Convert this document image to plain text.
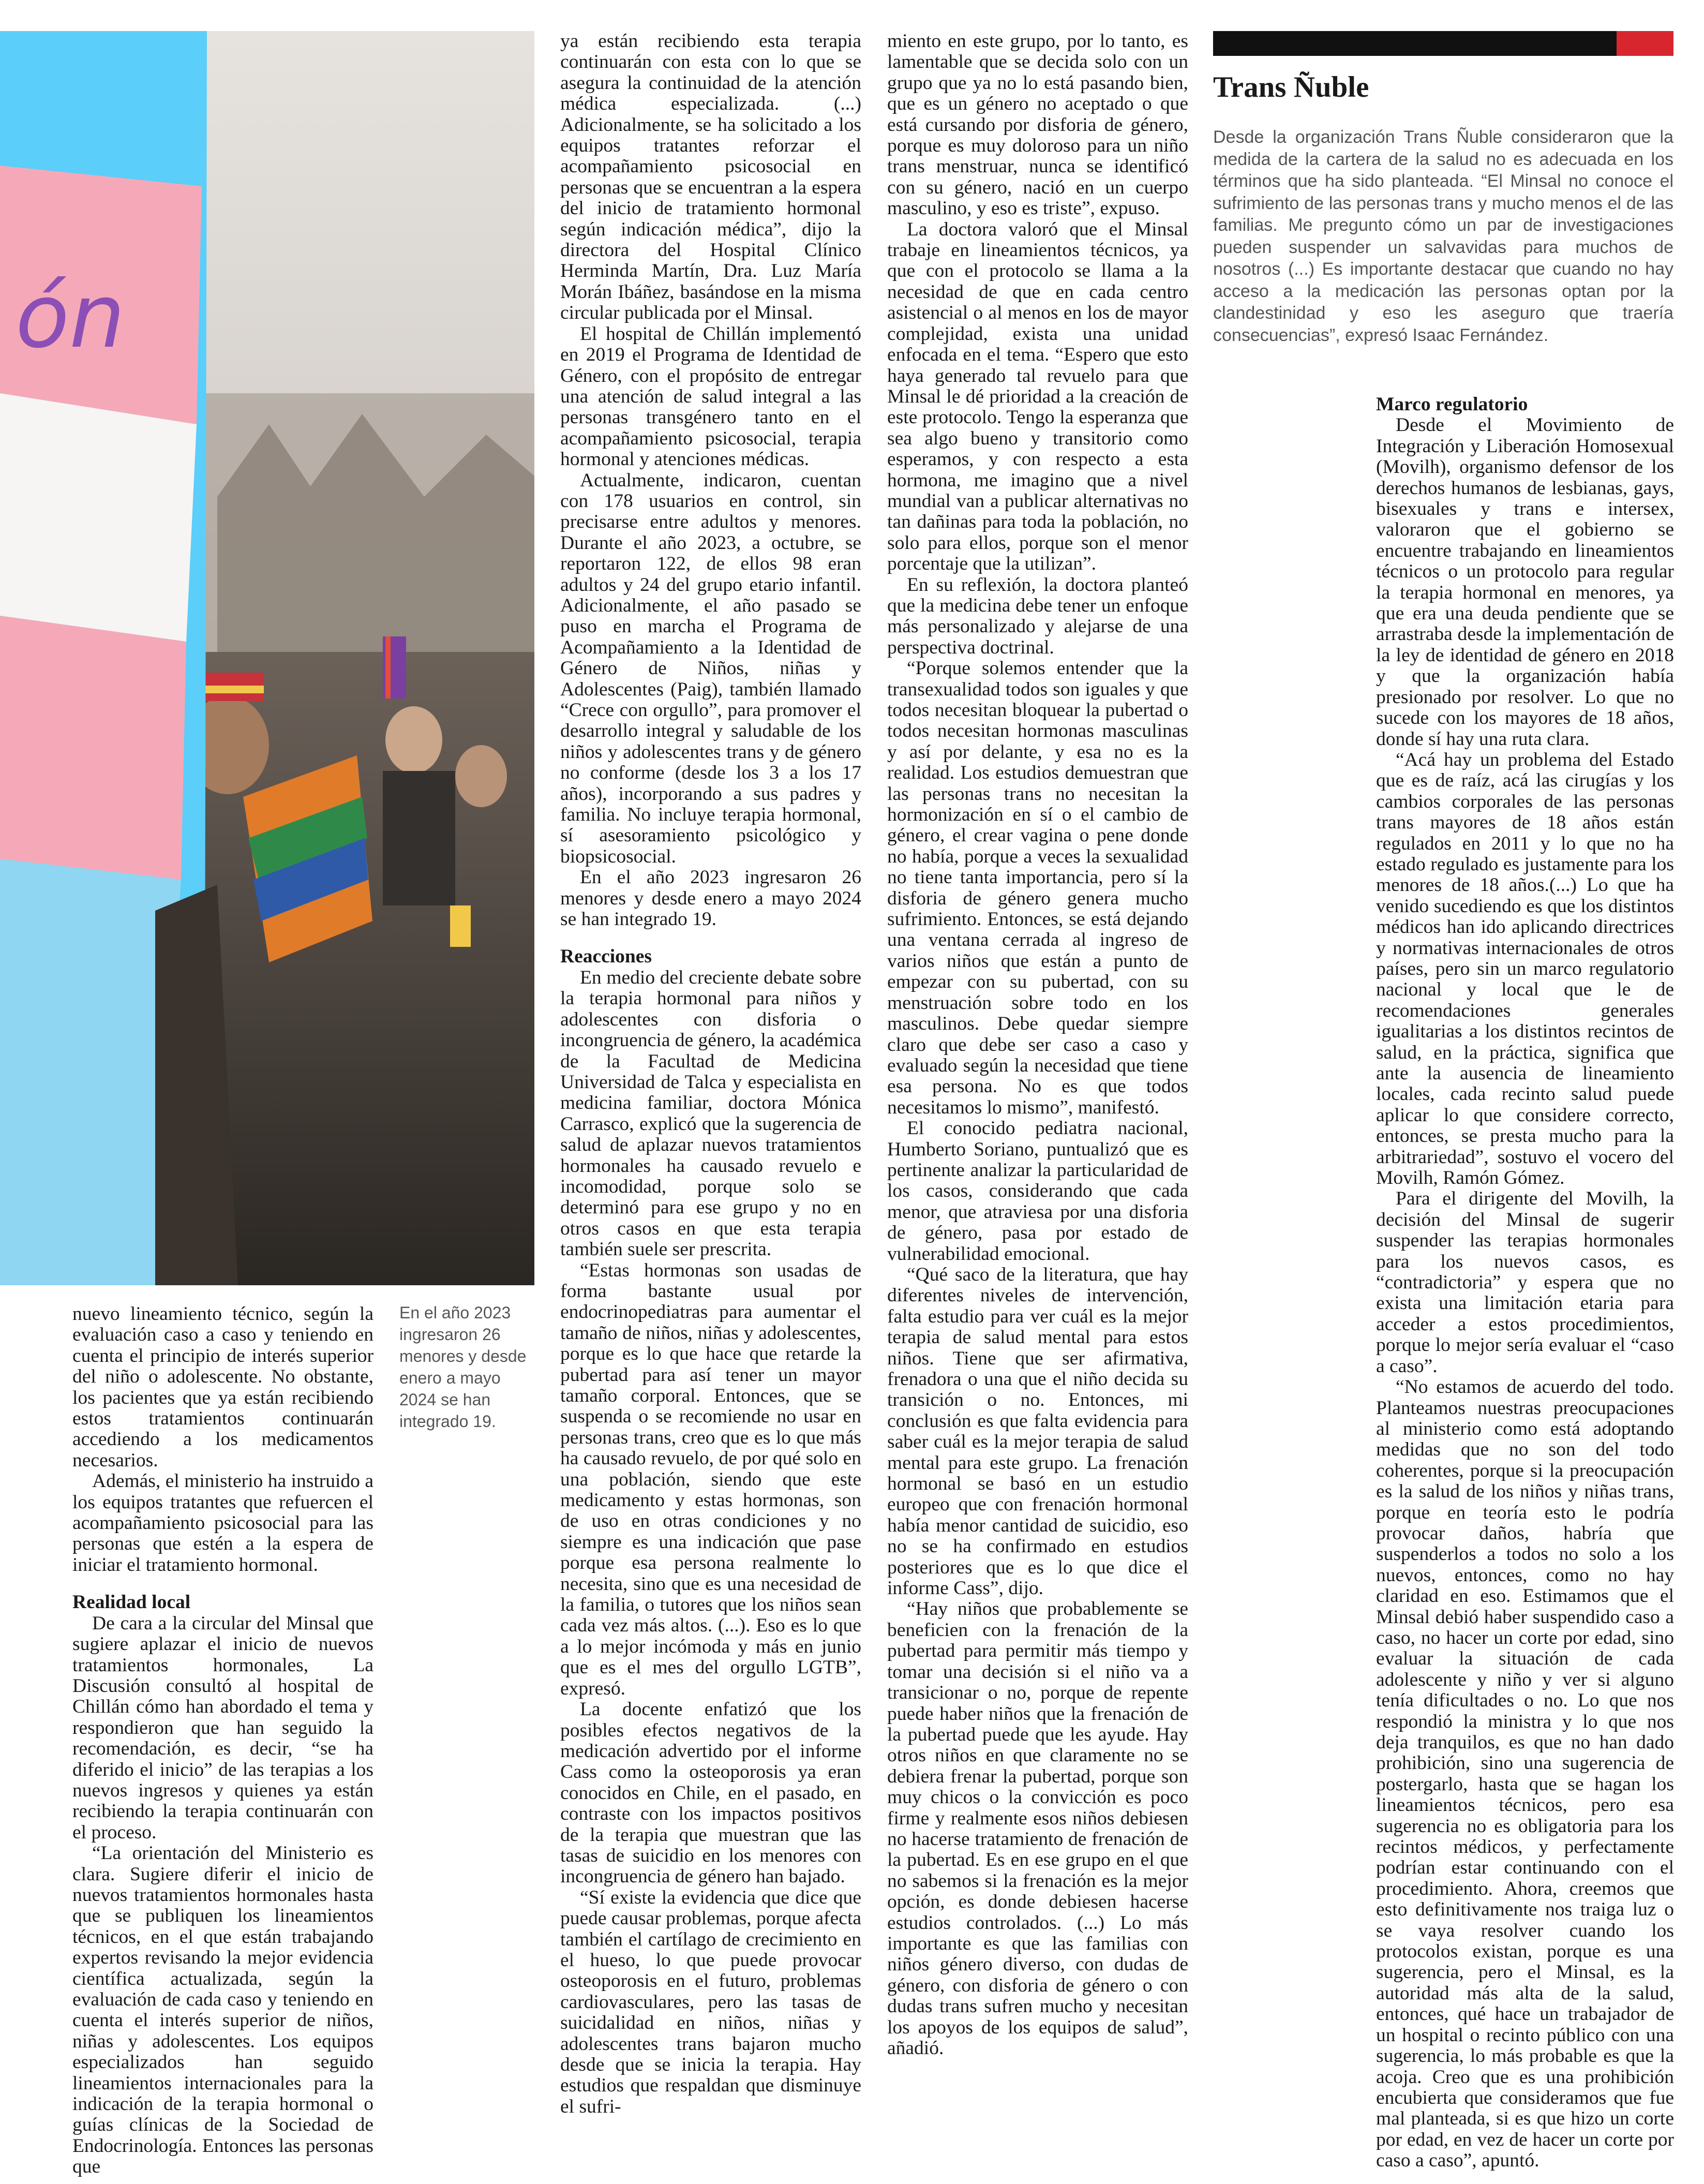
ón
En el año 2023 ingresaron 26 menores y desde enero a mayo 2024 se han integrado 19.

nuevo lineamiento técnico, según la evaluación caso a caso y teniendo en cuenta el principio de interés superior del niño o adolescente. No obstante, los pacientes que ya están recibiendo estos tratamientos continuarán accediendo a los medicamentos necesarios.

Además, el ministerio ha instruido a los equipos tratantes que refuercen el acompañamiento psicosocial para las personas que estén a la espera de iniciar el tratamiento hormonal.

Realidad local

De cara a la circular del Minsal que sugiere aplazar el inicio de nuevos tratamientos hormonales, La Discusión consultó al hospital de Chillán cómo han abordado el tema y respondieron que han seguido la recomendación, es decir, “se ha diferido el inicio” de las terapias a los nuevos ingresos y quienes ya están recibiendo la terapia continuarán con el proceso.

“La orientación del Ministerio es clara. Sugiere diferir el inicio de nuevos tratamientos hormonales hasta que se publiquen los lineamientos técnicos, en el que están trabajando expertos revisando la mejor evidencia científica actualizada, según la evaluación de cada caso y teniendo en cuenta el interés superior de niños, niñas y adolescentes. Los equipos especializados han seguido lineamientos internacionales para la indicación de la terapia hormonal o guías clínicas de la Sociedad de Endocrinología. Entonces las personas que

ya están recibiendo esta terapia continuarán con esta con lo que se asegura la continuidad de la atención médica especializada. (...) Adicionalmente, se ha solicitado a los equipos tratantes reforzar el acompañamiento psicosocial en personas que se encuentran a la espera del inicio de tratamiento hormonal según indicación médica”, dijo la directora del Hospital Clínico Herminda Martín, Dra. Luz María Morán Ibáñez, basándose en la misma circular publicada por el Minsal.

El hospital de Chillán implementó en 2019 el Programa de Identidad de Género, con el propósito de entregar una atención de salud integral a las personas transgénero tanto en el acompañamiento psicosocial, terapia hormonal y atenciones médicas.

Actualmente, indicaron, cuentan con 178 usuarios en control, sin precisarse entre adultos y menores. Durante el año 2023, a octubre, se reportaron 122, de ellos 98 eran adultos y 24 del grupo etario infantil. Adicionalmente, el año pasado se puso en marcha el Programa de Acompañamiento a la Identidad de Género de Niños, niñas y Adolescentes (Paig), también llamado “Crece con orgullo”, para promover el desarrollo integral y saludable de los niños y adolescentes trans y de género no conforme (desde los 3 a los 17 años), incorporando a sus padres y familia. No incluye terapia hormonal, sí asesoramiento psicológico y biopsicosocial.

En el año 2023 ingresaron 26 menores y desde enero a mayo 2024 se han integrado 19.

Reacciones

En medio del creciente debate sobre la terapia hormonal para niños y adolescentes con disforia o incongruencia de género, la académica de la Facultad de Medicina Universidad de Talca y especialista en medicina familiar, doctora Mónica Carrasco, explicó que la sugerencia de salud de aplazar nuevos tratamientos hormonales ha causado revuelo e incomodidad, porque solo se determinó para ese grupo y no en otros casos en que esta terapia también suele ser prescrita.

“Estas hormonas son usadas de forma bastante usual por endocrinopediatras para aumentar el tamaño de niños, niñas y adolescentes, porque es lo que hace que retarde la pubertad para así tener un mayor tamaño corporal. Entonces, que se suspenda o se recomiende no usar en personas trans, creo que es lo que más ha causado revuelo, de por qué solo en una población, siendo que este medicamento y estas hormonas, son de uso en otras condiciones y no siempre es una indicación que pase porque esa persona realmente lo necesita, sino que es una necesidad de la familia, o tutores que los niños sean cada vez más altos. (...). Eso es lo que a lo mejor incómoda y más en junio que es el mes del orgullo LGTB”, expresó.

La docente enfatizó que los posibles efectos negativos de la medicación advertido por el informe Cass como la osteoporosis ya eran conocidos en Chile, en el pasado, en contraste con los impactos positivos de la terapia que muestran que las tasas de suicidio en los menores con incongruencia de género han bajado.

“Sí existe la evidencia que dice que puede causar problemas, porque afecta también el cartílago de crecimiento en el hueso, lo que puede provocar osteoporosis en el futuro, problemas cardiovasculares, pero las tasas de suicidalidad en niños, niñas y adolescentes trans bajaron mucho desde que se inicia la terapia. Hay estudios que respaldan que disminuye el sufri-

miento en este grupo, por lo tanto, es lamentable que se decida solo con un grupo que ya no lo está pasando bien, que es un género no aceptado o que está cursando por disforia de género, porque es muy doloroso para un niño trans menstruar, nunca se identificó con su género, nació en un cuerpo masculino, y eso es triste”, expuso.

La doctora valoró que el Minsal trabaje en lineamientos técnicos, ya que con el protocolo se llama a la necesidad de que en cada centro asistencial o al menos en los de mayor complejidad, exista una unidad enfocada en el tema. “Espero que esto haya generado tal revuelo para que Minsal le dé prioridad a la creación de este protocolo. Tengo la esperanza que sea algo bueno y transitorio como esperamos, y con respecto a esta hormona, me imagino que a nivel mundial van a publicar alternativas no tan dañinas para toda la población, no solo para ellos, porque son el menor porcentaje que la utilizan”.

En su reflexión, la doctora planteó que la medicina debe tener un enfoque más personalizado y alejarse de una perspectiva doctrinal.

“Porque solemos entender que la transexualidad todos son iguales y que todos necesitan bloquear la pubertad o todos necesitan hormonas masculinas y así por delante, y esa no es la realidad. Los estudios demuestran que las personas trans no necesitan la hormonización en sí o el cambio de género, el crear vagina o pene donde no había, porque a veces la sexualidad no tiene tanta importancia, pero sí la disforia de género genera mucho sufrimiento. Entonces, se está dejando una ventana cerrada al ingreso de varios niños que están a punto de empezar con su pubertad, con su menstruación sobre todo en los masculinos. Debe quedar siempre claro que debe ser caso a caso y evaluado según la necesidad que tiene esa persona. No es que todos necesitamos lo mismo”, manifestó.

El conocido pediatra nacional, Humberto Soriano, puntualizó que es pertinente analizar la particularidad de los casos, considerando que cada menor, que atraviesa por una disforia de género, pasa por estado de vulnerabilidad emocional.

“Qué saco de la literatura, que hay diferentes niveles de intervención, falta estudio para ver cuál es la mejor terapia de salud mental para estos niños. Tiene que ser afirmativa, frenadora o una que el niño decida su transición o no. Entonces, mi conclusión es que falta evidencia para saber cuál es la mejor terapia de salud mental para este grupo. La frenación hormonal se basó en un estudio europeo que con frenación hormonal había menor cantidad de suicidio, eso no se ha confirmado en estudios posteriores que es lo que dice el informe Cass”, dijo.

“Hay niños que probablemente se beneficien con la frenación de la pubertad para permitir más tiempo y tomar una decisión si el niño va a transicionar o no, porque de repente puede haber niños que la frenación de la pubertad puede que les ayude. Hay otros niños en que claramente no se debiera frenar la pubertad, porque son muy chicos o la convicción es poco firme y realmente esos niños debiesen no hacerse tratamiento de frenación de la pubertad. Es en ese grupo en el que no sabemos si la frenación es la mejor opción, es donde debiesen hacerse estudios controlados. (...) Lo más importante es que las familias con niños género diverso, con dudas de género, con disforia de género o con dudas trans sufren mucho y necesitan los apoyos de los equipos de salud”, añadió.

Trans Ñuble
Desde la organización Trans Ñuble consideraron que la medida de la cartera de la salud no es adecuada en los términos que ha sido planteada. “El Minsal no conoce el sufrimiento de las personas trans y mucho menos el de las familias. Me pregunto cómo un par de investigaciones pueden suspender un salvavidas para muchos de nosotros (...) Es importante destacar que cuando no hay acceso a la medicación las personas optan por la clandestinidad y eso les aseguro que traería consecuencias”, expresó Isaac Fernández.
Marco regulatorio

Desde el Movimiento de Integración y Liberación Homosexual (Movilh), organismo defensor de los derechos humanos de lesbianas, gays, bisexuales y trans e intersex, valoraron que el gobierno se encuentre trabajando en lineamientos técnicos o un protocolo para regular la terapia hormonal en menores, ya que era una deuda pendiente que se arrastraba desde la implementación de la ley de identidad de género en 2018 y que la organización había presionado por resolver. Lo que no sucede con los mayores de 18 años, donde sí hay una ruta clara.

“Acá hay un problema del Estado que es de raíz, acá las cirugías y los cambios corporales de las personas trans mayores de 18 años están regulados en 2011 y lo que no ha estado regulado es justamente para los menores de 18 años.(...) Lo que ha venido sucediendo es que los distintos médicos han ido aplicando directrices y normativas internacionales de otros países, pero sin un marco regulatorio nacional y local que le de recomendaciones generales igualitarias a los distintos recintos de salud, en la práctica, significa que ante la ausencia de lineamiento locales, cada recinto salud puede aplicar lo que considere correcto, entonces, se presta mucho para la arbitrariedad”, sostuvo el vocero del Movilh, Ramón Gómez.

Para el dirigente del Movilh, la decisión del Minsal de sugerir suspender las terapias hormonales para los nuevos casos, es “contradictoria” y espera que no exista una limitación etaria para acceder a estos procedimientos, porque lo mejor sería evaluar el “caso a caso”.

“No estamos de acuerdo del todo. Planteamos nuestras preocupaciones al ministerio como está adoptando medidas que no son del todo coherentes, porque si la preocupación es la salud de los niños y niñas trans, porque en teoría esto le podría provocar daños, habría que suspenderlos a todos no solo a los nuevos, entonces, como no hay claridad en eso. Estimamos que el Minsal debió haber suspendido caso a caso, no hacer un corte por edad, sino evaluar la situación de cada adolescente y niño y ver si alguno tenía dificultades o no. Lo que nos respondió la ministra y lo que nos deja tranquilos, es que no han dado prohibición, sino una sugerencia de postergarlo, hasta que se hagan los lineamientos técnicos, pero esa sugerencia no es obligatoria para los recintos médicos, y perfectamente podrían estar continuando con el procedimiento. Ahora, creemos que esto definitivamente nos traiga luz o se vaya resolver cuando los protocolos existan, porque es una sugerencia, pero el Minsal, es la autoridad más alta de la salud, entonces, qué hace un trabajador de un hospital o recinto público con una sugerencia, lo más probable es que la acoja. Creo que es una prohibición encubierta que consideramos que fue mal planteada, si es que hizo un corte por edad, en vez de hacer un corte por caso a caso”, apuntó.
